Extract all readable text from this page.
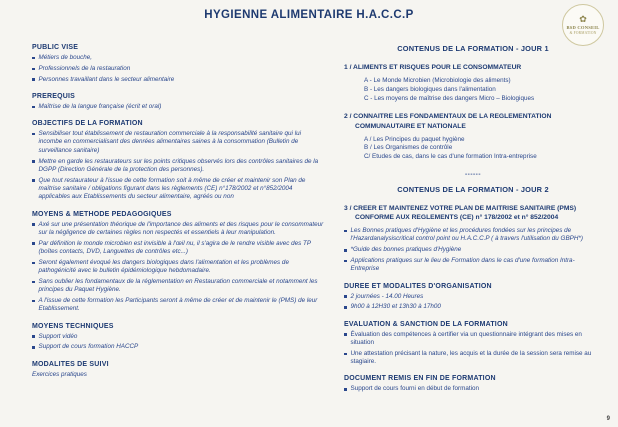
HYGIENNE ALIMENTAIRE H.A.C.C.P	✿
BSD CONSEIL
& FORMATION
PUBLIC VISE
Métiers de bouche,
Professionnels de la restauration
Personnes travaillant dans le secteur alimentaire
PREREQUIS
Maîtrise de la langue française (écrit et oral)
OBJECTIFS DE LA FORMATION
Sensibiliser tout établissement de restauration commerciale à la responsabilité sanitaire qui lui incombe en commercialisant des denrées alimentaires saines à la consommation (Bulletin de surveillance sanitaire)
Mettre en garde les restaurateurs sur les points critiques observés lors des contrôles sanitaires de la DGPP (Direction Générale de la protection des personnes).
Que tout restaurateur à l'issue de cette formation soit à même de créer et maintenir son Plan de maîtrise sanitaire / obligations figurant dans les règlements (CE) n°178/2002 et n°852/2004 applicables aux Etablissements du secteur alimentaire, agréés ou non
MOYENS & METHODE PEDAGOGIQUES
Axé sur une présentation théorique de l'importance des aliments et des risques pour le consommateur sur la négligence de certaines règles non respectés et essentiels à leur manipulation.
Par définition le monde microbien est invisible à l'œil nu, il s'agira de le rendre visible avec des TP (boîtes contacts, DVD, Languettes de contrôles etc...)
Seront également évoqué les dangers biologiques dans l'alimentation et les problèmes de pathogénicité avec le bulletin épidémiologique hebdomadaire.
Sans oublier les fondamentaux de la réglementation en Restauration commerciale et notamment les principes du Paquet Hygiène.
A l'issue de cette formation les Participants seront à même de créer et de maintenir le (PMS) de leur Etablissement.
MOYENS TECHNIQUES
Support vidéo
Support de cours formation HACCP
MODALITES DE SUIVI
Exercices pratiques
CONTENUS DE LA FORMATION - JOUR 1
1 / ALIMENTS ET RISQUES POUR LE CONSOMMATEUR
A - Le Monde Microbien (Microbiologie des aliments)
B - Les dangers biologiques dans l'alimentation
C - Les moyens de maîtrise des dangers Micro – Biologiques
2 / CONNAITRE LES FONDAMENTAUX DE LA REGLEMENTATION COMMUNAUTAIRE ET NATIONALE
A / Les Principes du paquet hygiène
B / Les Organismes de contrôle
C/ Etudes de cas, dans le cas d'une formation Intra-entreprise
------
CONTENUS DE LA FORMATION - JOUR 2
3 / CREER ET MAINTENEZ VOTRE PLAN DE MAITRISE SANITAIRE (PMS) CONFORME AUX REGLEMENTS (CE) n° 178/2002 et n° 852/2004
Les Bonnes pratiques d'Hygiène et les procédures fondées sur les principes de l'Hazardanalysiscritical control point ou H.A.C.C.P ( à travers l'utilisation du GBPH*)
*Guide des bonnes pratiques d'Hygiène
Applications pratiques sur le lieu de Formation dans le cas d'une formation Intra-Entreprise
DUREE ET MODALITES D'ORGANISATION
2 journées - 14.00 Heures
9h00 à 12H30 et 13h30 à 17h00
EVALUATION & SANCTION DE LA FORMATION
Évaluation des compétences à certifier via un questionnaire intégrant des mises en situation
Une attestation précisant la nature, les acquis et la durée de la session sera remise au stagiaire.
DOCUMENT REMIS EN FIN DE FORMATION
Support de cours fourni en début de formation
9
